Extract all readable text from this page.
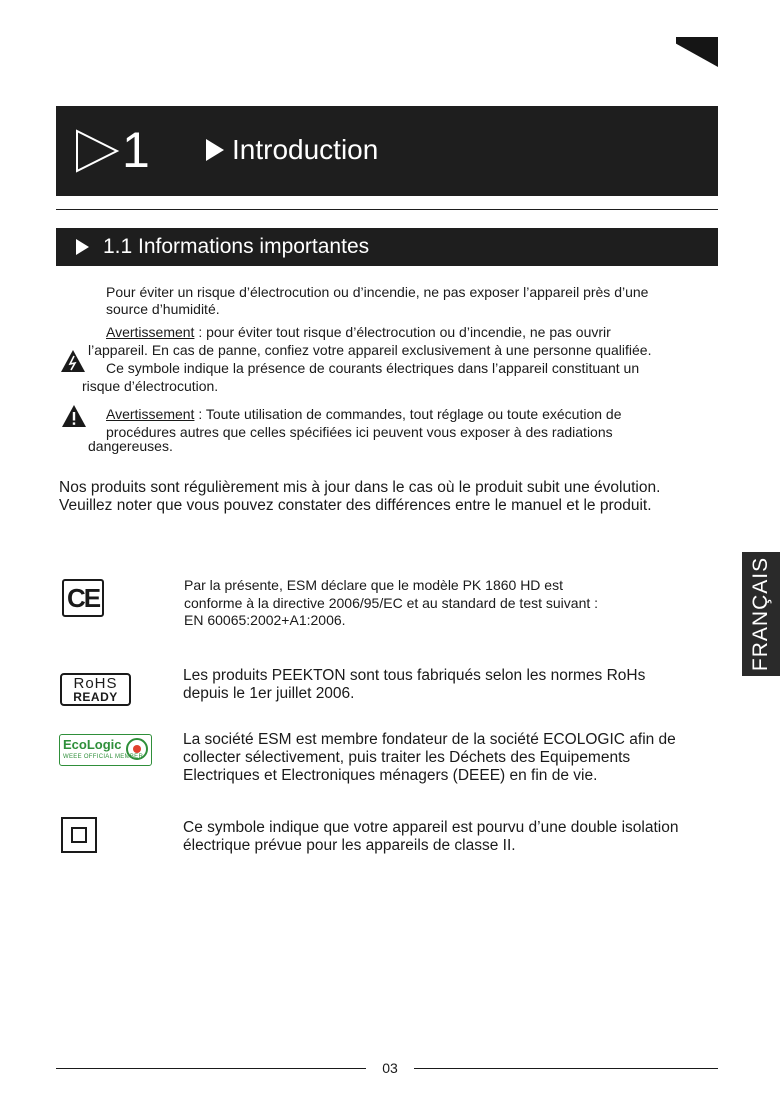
1	Introduction
1.1 Informations importantes
Pour éviter un risque d’électrocution ou d’incendie, ne pas exposer l’appareil près d’une
source d’humidité.
Avertissement : pour éviter tout risque d’électrocution ou d’incendie, ne pas ouvrir
l’appareil. En cas de panne, confiez votre appareil exclusivement à une personne qualifiée.
Ce symbole indique la présence de courants électriques dans l’appareil constituant un
risque d’électrocution.
Avertissement : Toute utilisation de commandes, tout réglage ou toute exécution de
procédures autres que celles spécifiées ici peuvent vous exposer à des radiations
dangereuses.
Nos produits sont régulièrement mis à jour dans le cas où le produit subit une évolution.
Veuillez noter que vous pouvez constater des différences entre le manuel et le produit.
CE	Par la présente, ESM déclare que le modèle PK 1860 HD est
conforme à la directive 2006/95/EC et au standard de test suivant :
EN 60065:2002+A1:2006.
RoHS
READY
Les produits PEEKTON sont tous fabriqués selon les normes RoHs
depuis le 1er juillet 2006.
EcoLogic
WEEE OFFICIAL MEMBER
La société ESM est membre fondateur de la société ECOLOGIC afin de
collecter sélectivement, puis traiter les Déchets des Equipements
Electriques et Electroniques ménagers (DEEE) en fin de vie.
Ce symbole indique que votre appareil est pourvu d’une double isolation
électrique prévue pour les appareils de classe II.
FRANÇAIS
03
